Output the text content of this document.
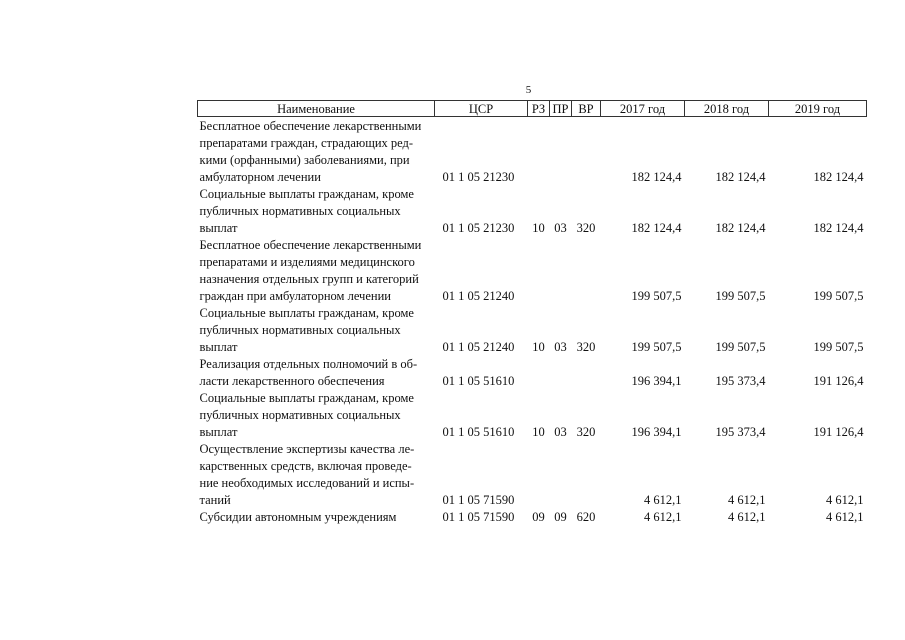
5
Наименование	ЦСР	РЗ	ПР	ВР	2017 год	2018 год	2019 год

Бесплатное обеспечение лекарственными
препаратами граждан, страдающих ред-
кими (орфанными) заболеваниями, при
амбулаторном лечении	01 1 05 21230				182 124,4	182 124,4	182 124,4

Социальные выплаты гражданам, кроме
публичных нормативных социальных
выплат	01 1 05 21230	10	03	320	182 124,4	182 124,4	182 124,4

Бесплатное обеспечение лекарственными
препаратами и изделиями медицинского
назначения отдельных групп и категорий
граждан при амбулаторном лечении	01 1 05 21240				199 507,5	199 507,5	199 507,5

Социальные выплаты гражданам, кроме
публичных нормативных социальных
выплат	01 1 05 21240	10	03	320	199 507,5	199 507,5	199 507,5

Реализация отдельных полномочий в об-
ласти лекарственного обеспечения	01 1 05 51610				196 394,1	195 373,4	191 126,4

Социальные выплаты гражданам, кроме
публичных нормативных социальных
выплат	01 1 05 51610	10	03	320	196 394,1	195 373,4	191 126,4

Осуществление экспертизы качества ле-
карственных средств, включая проведе-
ние необходимых исследований и испы-
таний	01 1 05 71590				4 612,1	4 612,1	4 612,1

Субсидии автономным учреждениям	01 1 05 71590	09	09	620	4 612,1	4 612,1	4 612,1
